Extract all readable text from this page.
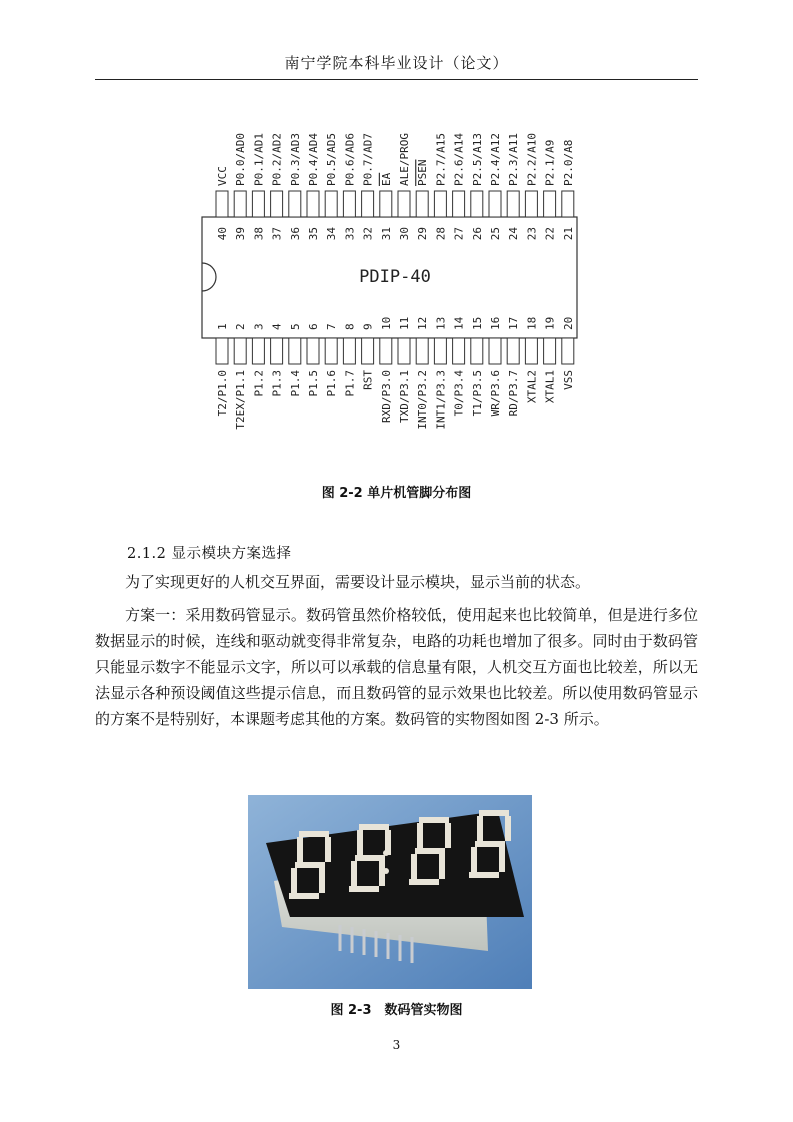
南宁学院本科毕业设计（论文）
PDIP-40
40
VCC
39
P0.0/AD0
38
P0.1/AD1
37
P0.2/AD2
36
P0.3/AD3
35
P0.4/AD4
34
P0.5/AD5
33
P0.6/AD6
32
P0.7/AD7
31
EA
30
ALE/PROG
29
PSEN
28
P2.7/A15
27
P2.6/A14
26
P2.5/A13
25
P2.4/A12
24
P2.3/A11
23
P2.2/A10
22
P2.1/A9
21
P2.0/A8
1
T2/P1.0
2
T2EX/P1.1
3
P1.2
4
P1.3
5
P1.4
6
P1.5
7
P1.6
8
P1.7
9
RST
10
RXD/P3.0
11
TXD/P3.1
12
INT0/P3.2
13
INT1/P3.3
14
T0/P3.4
15
T1/P3.5
16
WR/P3.6
17
RD/P3.7
18
XTAL2
19
XTAL1
20
VSS
图 2-2 单片机管脚分布图
2.1.2 显示模块方案选择
为了实现更好的人机交互界面，需要设计显示模块，显示当前的状态。
方案一：采用数码管显示。数码管虽然价格较低，使用起来也比较简单，但是进行多位数据显示的时候，连线和驱动就变得非常复杂，电路的功耗也增加了很多。同时由于数码管只能显示数字不能显示文字，所以可以承载的信息量有限，人机交互方面也比较差，所以无法显示各种预设阈值这些提示信息，而且数码管的显示效果也比较差。所以使用数码管显示的方案不是特别好，本课题考虑其他的方案。数码管的实物图如图 2-3 所示。
图 2-3　数码管实物图
3
